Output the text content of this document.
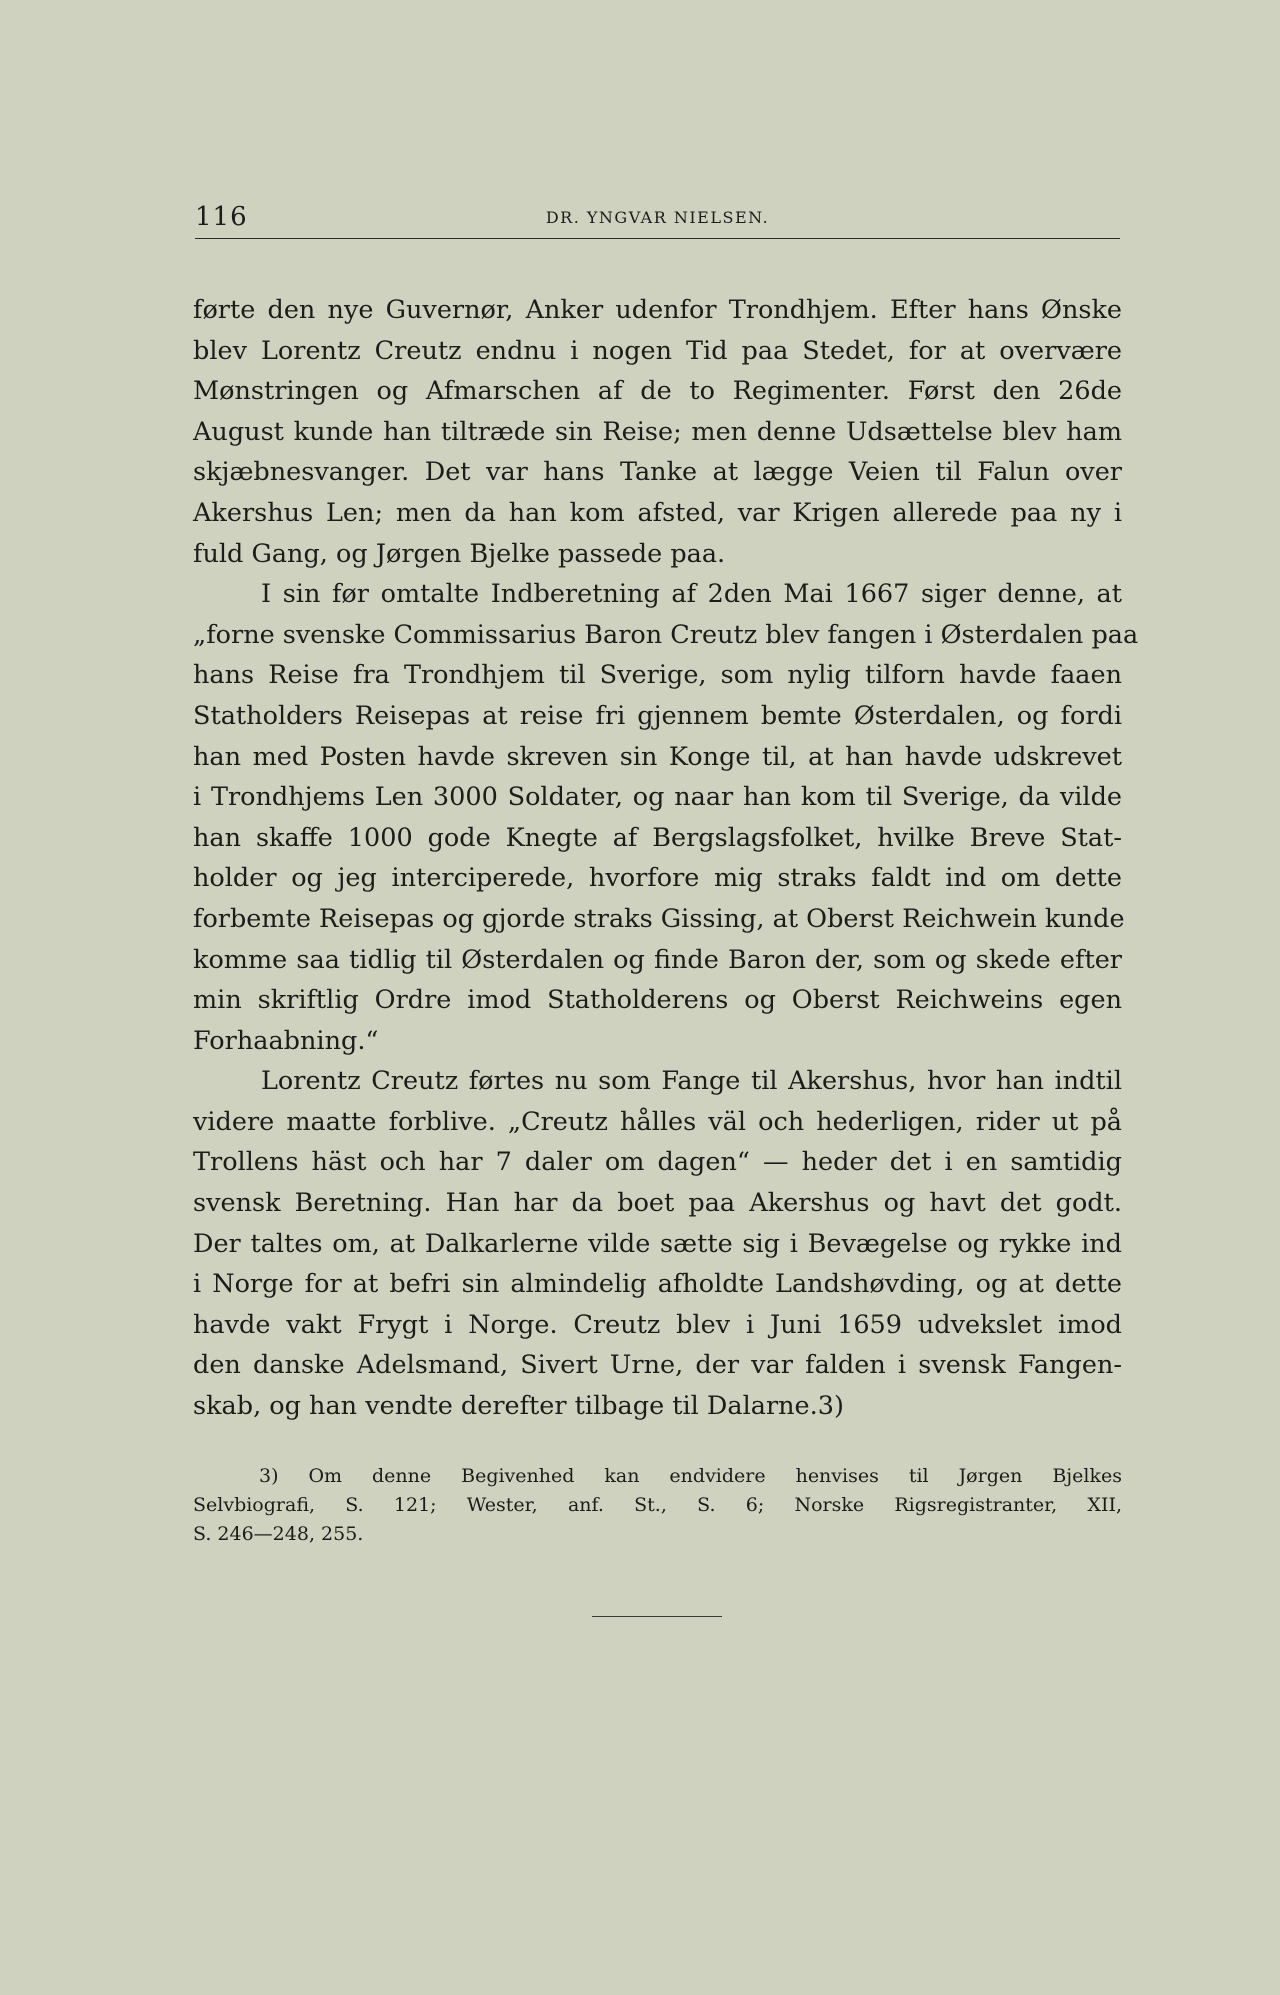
116	DR. YNGVAR NIELSEN.
førte den nye Guvernør, Anker udenfor Trondhjem. Efter hans Ønske
blev Lorentz Creutz endnu i nogen Tid paa Stedet, for at overvære
Mønstringen og Afmarschen af de to Regimenter. Først den 26de
August kunde han tiltræde sin Reise; men denne Udsættelse blev ham
skjæbnesvanger. Det var hans Tanke at lægge Veien til Falun over
Akershus Len; men da han kom afsted, var Krigen allerede paa ny i
fuld Gang, og Jørgen Bjelke passede paa.
I sin før omtalte Indberetning af 2den Mai 1667 siger denne, at
„forne svenske Commissarius Baron Creutz blev fangen i Østerdalen paa
hans Reise fra Trondhjem til Sverige, som nylig tilforn havde faaen
Statholders Reisepas at reise fri gjennem bemte Østerdalen, og fordi
han med Posten havde skreven sin Konge til, at han havde udskrevet
i Trondhjems Len 3000 Soldater, og naar han kom til Sverige, da vilde
han skaffe 1000 gode Knegte af Bergslagsfolket, hvilke Breve Stat-
holder og jeg interciperede, hvorfore mig straks faldt ind om dette
forbemte Reisepas og gjorde straks Gissing, at Oberst Reichwein kunde
komme saa tidlig til Østerdalen og finde Baron der, som og skede efter
min skriftlig Ordre imod Statholderens og Oberst Reichweins egen
Forhaabning.“
Lorentz Creutz førtes nu som Fange til Akershus, hvor han indtil
videre maatte forblive. „Creutz hålles väl och hederligen, rider ut på
Trollens häst och har 7 daler om dagen“ — heder det i en samtidig
svensk Beretning. Han har da boet paa Akershus og havt det godt.
Der taltes om, at Dalkarlerne vilde sætte sig i Bevægelse og rykke ind
i Norge for at befri sin almindelig afholdte Landshøvding, og at dette
havde vakt Frygt i Norge. Creutz blev i Juni 1659 udvekslet imod
den danske Adelsmand, Sivert Urne, der var falden i svensk Fangen-
skab, og han vendte derefter tilbage til Dalarne.3)
3) Om denne Begivenhed kan endvidere henvises til Jørgen Bjelkes
Selvbiografi, S. 121; Wester, anf. St., S. 6; Norske Rigsregistranter, XII,
S. 246—248, 255.
